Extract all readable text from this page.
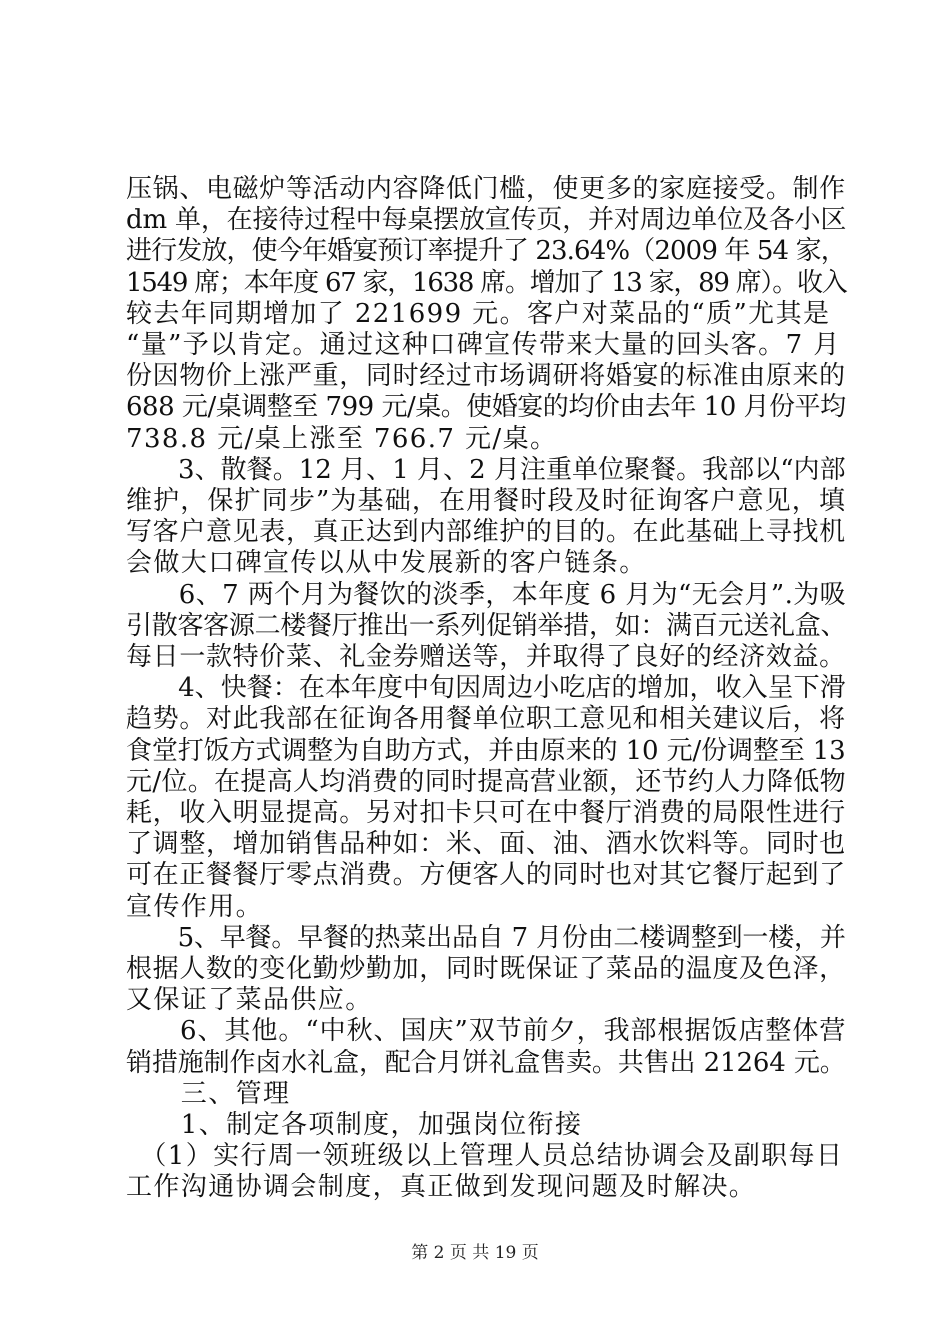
压锅、电磁炉等活动内容降低门槛，使更多的家庭接受。制作
dm 单，在接待过程中每桌摆放宣传页，并对周边单位及各小区
进行发放，使今年婚宴预订率提升了 23.64%（2009 年 54 家，
1549 席；本年度 67 家，1638 席。增加了 13 家，89 席）。收入
较去年同期增加了 221699 元。客户对菜品的“质”尤其是
“量”予以肯定。通过这种口碑宣传带来大量的回头客。7 月
份因物价上涨严重，同时经过市场调研将婚宴的标准由原来的
688 元/桌调整至 799 元/桌。使婚宴的均价由去年 10 月份平均
738.8 元/桌上涨至 766.7 元/桌。
　　3、散餐。12 月、1 月、2 月注重单位聚餐。我部以“内部
维护，保扩同步”为基础，在用餐时段及时征询客户意见，填
写客户意见表，真正达到内部维护的目的。在此基础上寻找机
会做大口碑宣传以从中发展新的客户链条。
　　6、7 两个月为餐饮的淡季，本年度 6 月为“无会月”.为吸
引散客客源二楼餐厅推出一系列促销举措，如：满百元送礼盒、
每日一款特价菜、礼金券赠送等，并取得了良好的经济效益。
　　4、快餐：在本年度中旬因周边小吃店的增加，收入呈下滑
趋势。对此我部在征询各用餐单位职工意见和相关建议后，将
食堂打饭方式调整为自助方式，并由原来的 10 元/份调整至 13
元/位。在提高人均消费的同时提高营业额，还节约人力降低物
耗，收入明显提高。另对扣卡只可在中餐厅消费的局限性进行
了调整，增加销售品种如：米、面、油、酒水饮料等。同时也
可在正餐餐厅零点消费。方便客人的同时也对其它餐厅起到了
宣传作用。
　　5、早餐。早餐的热菜出品自 7 月份由二楼调整到一楼，并
根据人数的变化勤炒勤加，同时既保证了菜品的温度及色泽，
又保证了菜品供应。
　　6、其他。“中秋、国庆”双节前夕，我部根据饭店整体营
销措施制作卤水礼盒，配合月饼礼盒售卖。共售出 21264 元。
　　三、管理
　　1、制定各项制度，加强岗位衔接
　（1）实行周一领班级以上管理人员总结协调会及副职每日
工作沟通协调会制度，真正做到发现问题及时解决。
第 2 页 共 19 页
